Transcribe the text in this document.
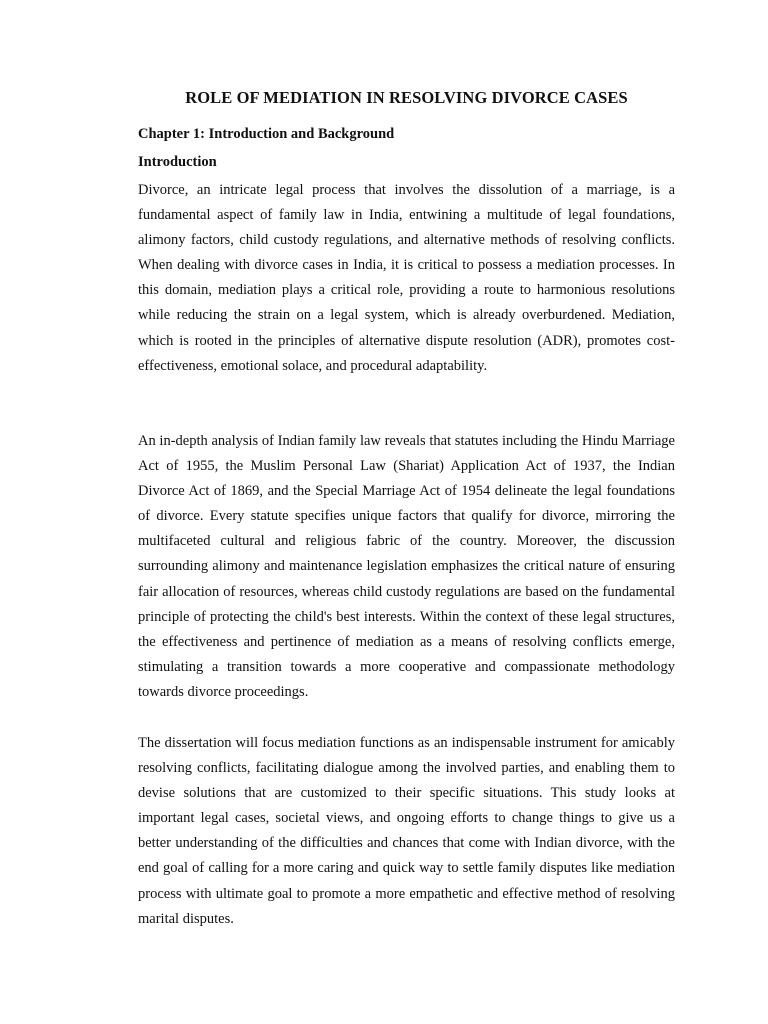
ROLE OF MEDIATION IN RESOLVING DIVORCE CASES
Chapter 1: Introduction and Background
Introduction

Divorce, an intricate legal process that involves the dissolution of a marriage, is a fundamental aspect of family law in India, entwining a multitude of legal foundations, alimony factors, child custody regulations, and alternative methods of resolving conflicts. When dealing with divorce cases in India, it is critical to possess a mediation processes. In this domain, mediation plays a critical role, providing a route to harmonious resolutions while reducing the strain on a legal system, which is already overburdened. Mediation, which is rooted in the principles of alternative dispute resolution (ADR), promotes cost-effectiveness, emotional solace, and procedural adaptability.

An in-depth analysis of Indian family law reveals that statutes including the Hindu Marriage Act of 1955, the Muslim Personal Law (Shariat) Application Act of 1937, the Indian Divorce Act of 1869, and the Special Marriage Act of 1954 delineate the legal foundations of divorce. Every statute specifies unique factors that qualify for divorce, mirroring the multifaceted cultural and religious fabric of the country. Moreover, the discussion surrounding alimony and maintenance legislation emphasizes the critical nature of ensuring fair allocation of resources, whereas child custody regulations are based on the fundamental principle of protecting the child's best interests. Within the context of these legal structures, the effectiveness and pertinence of mediation as a means of resolving conflicts emerge, stimulating a transition towards a more cooperative and compassionate methodology towards divorce proceedings.

The dissertation will focus mediation functions as an indispensable instrument for amicably resolving conflicts, facilitating dialogue among the involved parties, and enabling them to devise solutions that are customized to their specific situations. This study looks at important legal cases, societal views, and ongoing efforts to change things to give us a better understanding of the difficulties and chances that come with Indian divorce, with the end goal of calling for a more caring and quick way to settle family disputes like mediation process with ultimate goal to promote a more empathetic and effective method of resolving marital disputes.
